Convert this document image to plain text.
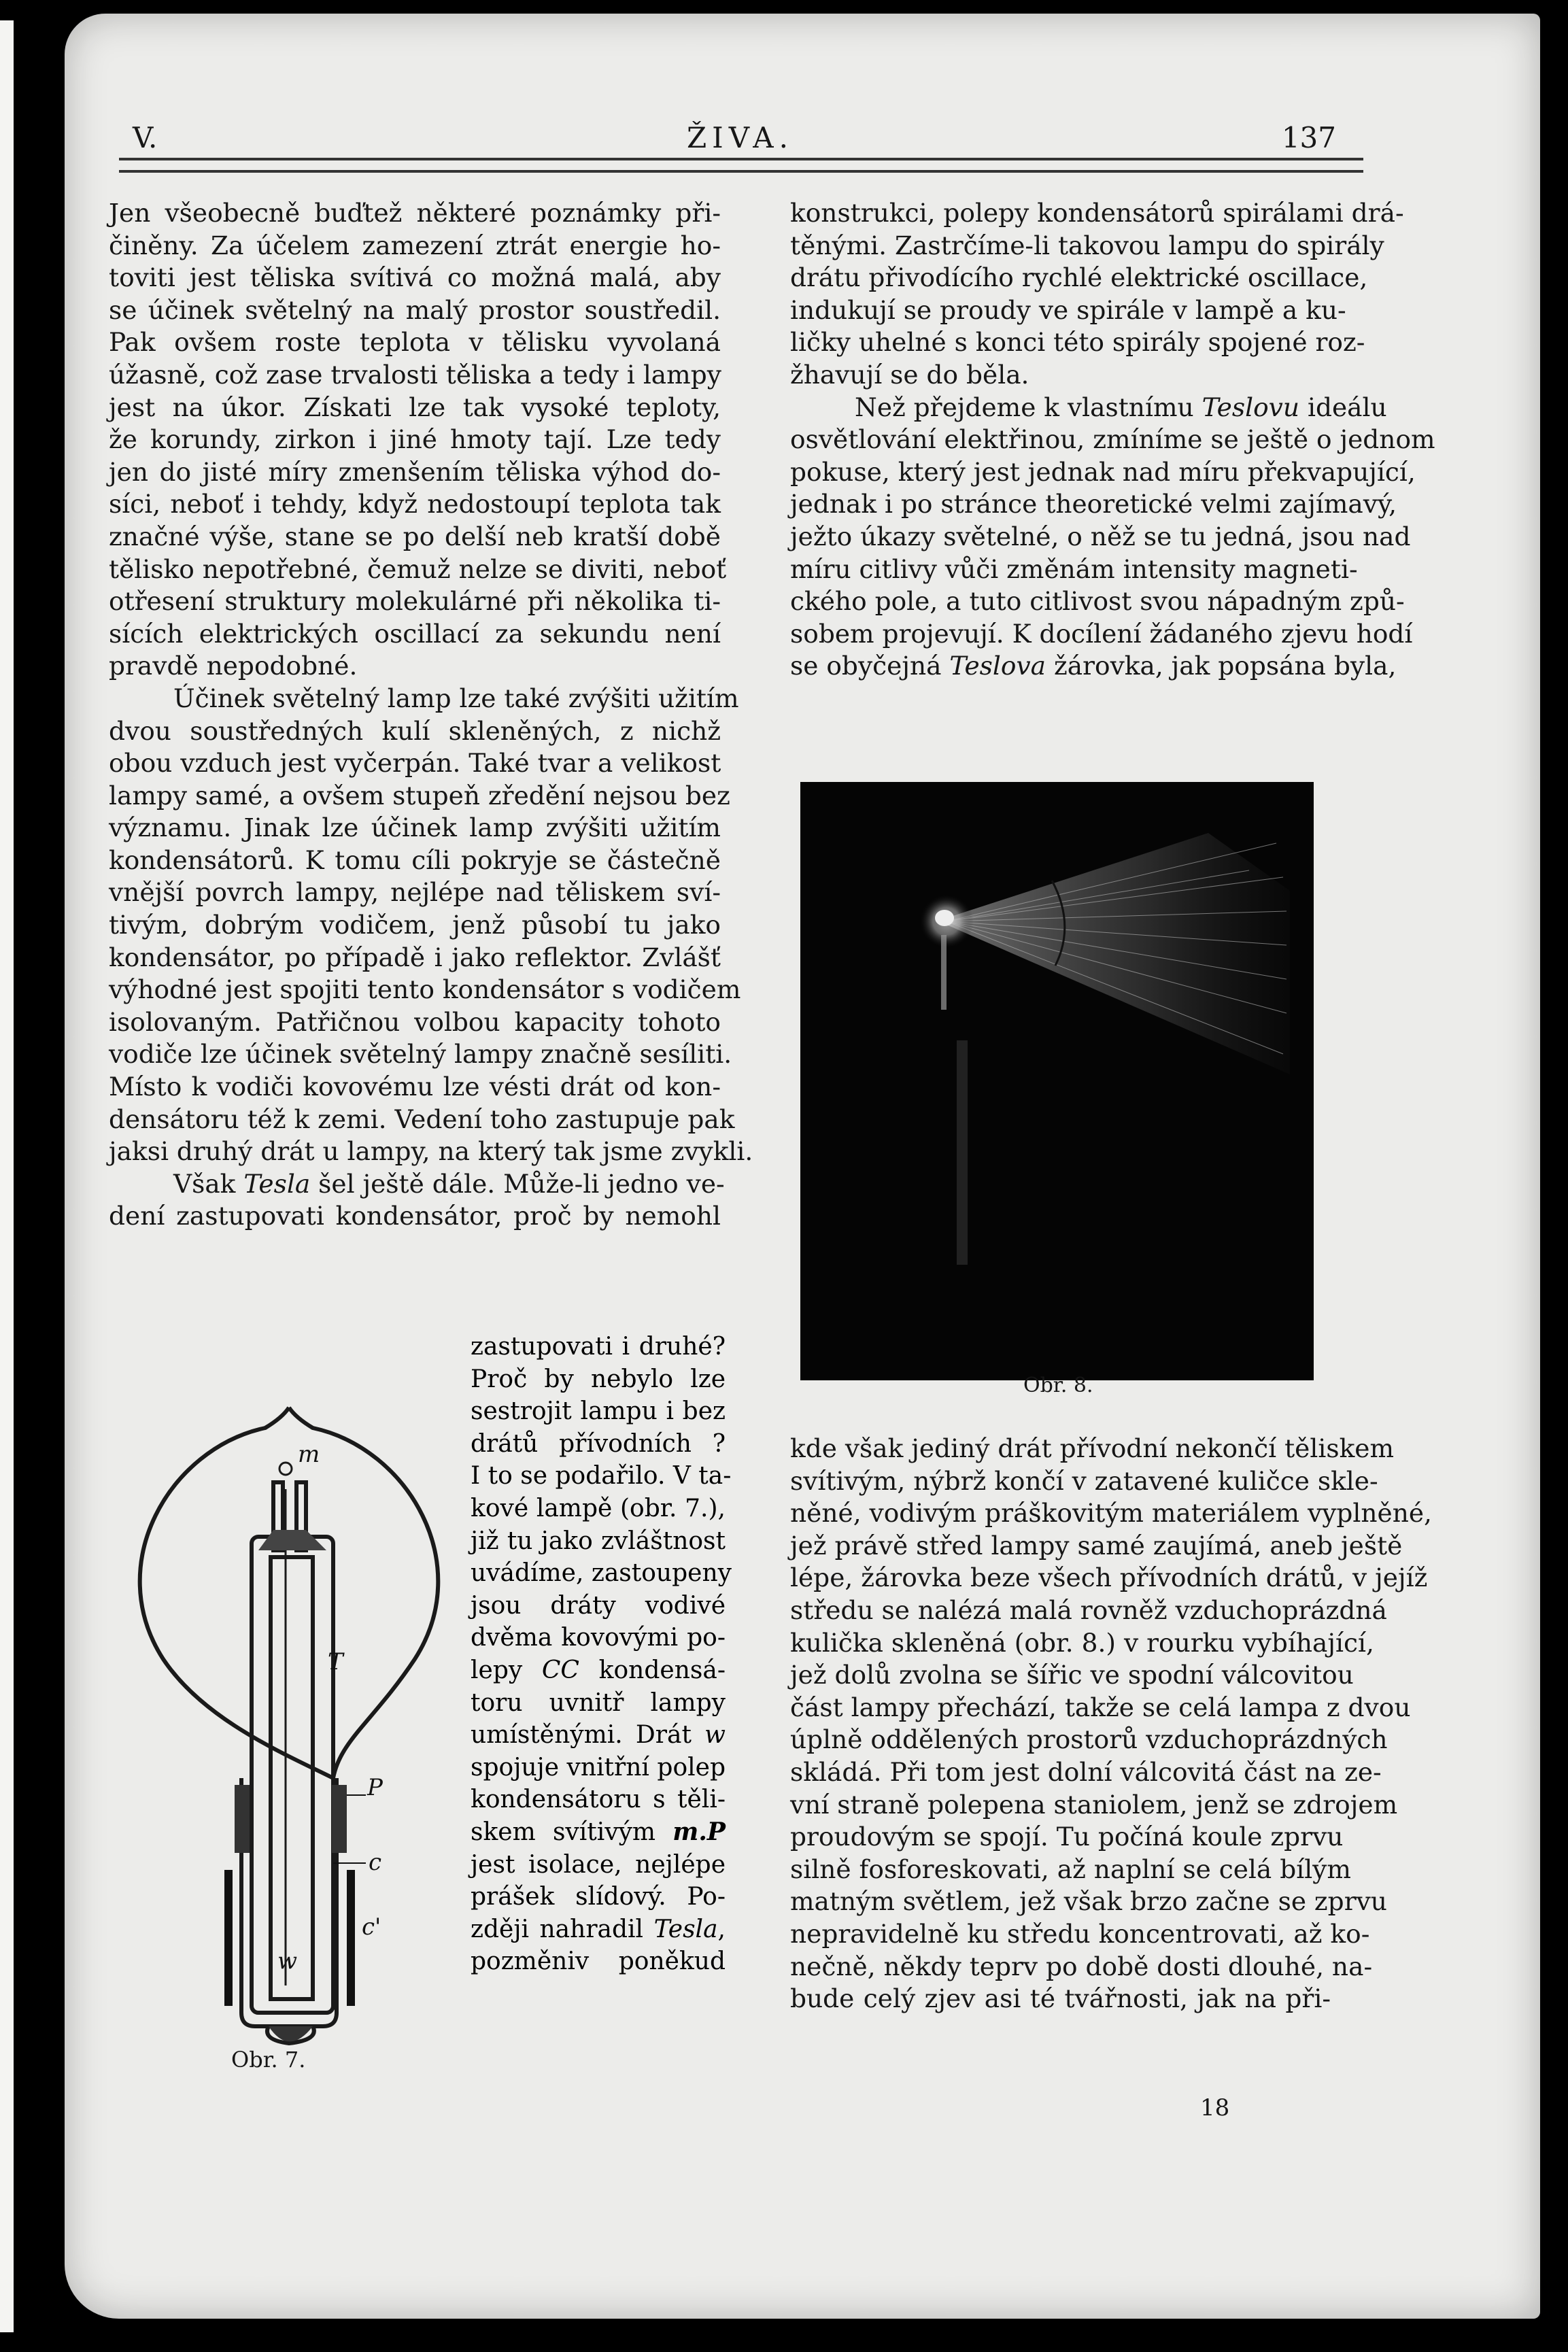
V.	ŽIVA.	137
Jen všeobecně buďtež některé poznámky při-
činěny. Za účelem zamezení ztrát energie ho-
toviti jest těliska svítivá co možná malá, aby
se účinek světelný na malý prostor soustředil.
Pak ovšem roste teplota v tělisku vyvolaná
úžasně, což zase trvalosti těliska a tedy i lampy
jest na úkor. Získati lze tak vysoké teploty,
že korundy, zirkon i jiné hmoty tají. Lze tedy
jen do jisté míry zmenšením těliska výhod do-
síci, neboť i tehdy, když nedostoupí teplota tak
značné výše, stane se po delší neb kratší době
tělisko nepotřebné, čemuž nelze se diviti, neboť
otřesení struktury molekulárné při několika ti-
sících elektrických oscillací za sekundu není
pravdě nepodobné.
Účinek světelný lamp lze také zvýšiti užitím
dvou soustředných kulí skleněných, z nichž
obou vzduch jest vyčerpán. Také tvar a velikost
lampy samé, a ovšem stupeň zředění nejsou bez
významu. Jinak lze účinek lamp zvýšiti užitím
kondensátorů. K tomu cíli pokryje se částečně
vnější povrch lampy, nejlépe nad těliskem sví-
tivým, dobrým vodičem, jenž působí tu jako
kondensátor, po případě i jako reflektor. Zvlášť
výhodné jest spojiti tento kondensátor s vodičem
isolovaným. Patřičnou volbou kapacity tohoto
vodiče lze účinek světelný lampy značně sesíliti.
Místo k vodiči kovovému lze vésti drát od kon-
densátoru též k zemi. Vedení toho zastupuje pak
jaksi druhý drát u lampy, na který tak jsme zvykli.
Však Tesla šel ještě dále. Může-li jedno ve-
dení zastupovati kondensátor, proč by nemohl
zastupovati i druhé?
Proč by nebylo lze
sestrojit lampu i bez
drátů přívodních ?
I to se podařilo. V ta-
kové lampě (obr. 7.),
již tu jako zvláštnost
uvádíme, zastoupeny
jsou dráty vodivé
dvěma kovovými po-
lepy CC kondensá-
toru uvnitř lampy
umístěnými. Drát w
spojuje vnitřní polep
kondensátoru s těli-
skem svítivým m.P
jest isolace, nejlépe
prášek slídový. Po-
zději nahradil Tesla,
pozměniv poněkud
m
T
P
c
c'
w
Obr. 7.
konstrukci, polepy kondensátorů spirálami drá-
těnými. Zastrčíme-li takovou lampu do spirály
drátu přivodícího rychlé elektrické oscillace,
indukují se proudy ve spirále v lampě a ku-
ličky uhelné s konci této spirály spojené roz-
žhavují se do běla.
Než přejdeme k vlastnímu Teslovu ideálu
osvětlování elektřinou, zmíníme se ještě o jednom
pokuse, který jest jednak nad míru překvapující,
jednak i po stránce theoretické velmi zajímavý,
ježto úkazy světelné, o něž se tu jedná, jsou nad
míru citlivy vůči změnám intensity magneti-
ckého pole, a tuto citlivost svou nápadným způ-
sobem projevují. K docílení žádaného zjevu hodí
se obyčejná Teslova žárovka, jak popsána byla,
Obr. 8.
kde však jediný drát přívodní nekončí těliskem
svítivým, nýbrž končí v zatavené kuličce skle-
něné, vodivým práškovitým materiálem vyplněné,
jež právě střed lampy samé zaujímá, aneb ještě
lépe, žárovka beze všech přívodních drátů, v jejíž
středu se nalézá malá rovněž vzduchoprázdná
kulička skleněná (obr. 8.) v rourku vybíhající,
jež dolů zvolna se šířic ve spodní válcovitou
část lampy přechází, takže se celá lampa z dvou
úplně oddělených prostorů vzduchoprázdných
skládá. Při tom jest dolní válcovitá část na ze-
vní straně polepena staniolem, jenž se zdrojem
proudovým se spojí. Tu počíná koule zprvu
silně fosforeskovati, až naplní se celá bílým
matným světlem, jež však brzo začne se zprvu
nepravidelně ku středu koncentrovati, až ko-
nečně, někdy teprv po době dosti dlouhé, na-
bude celý zjev asi té tvářnosti, jak na při-
18
